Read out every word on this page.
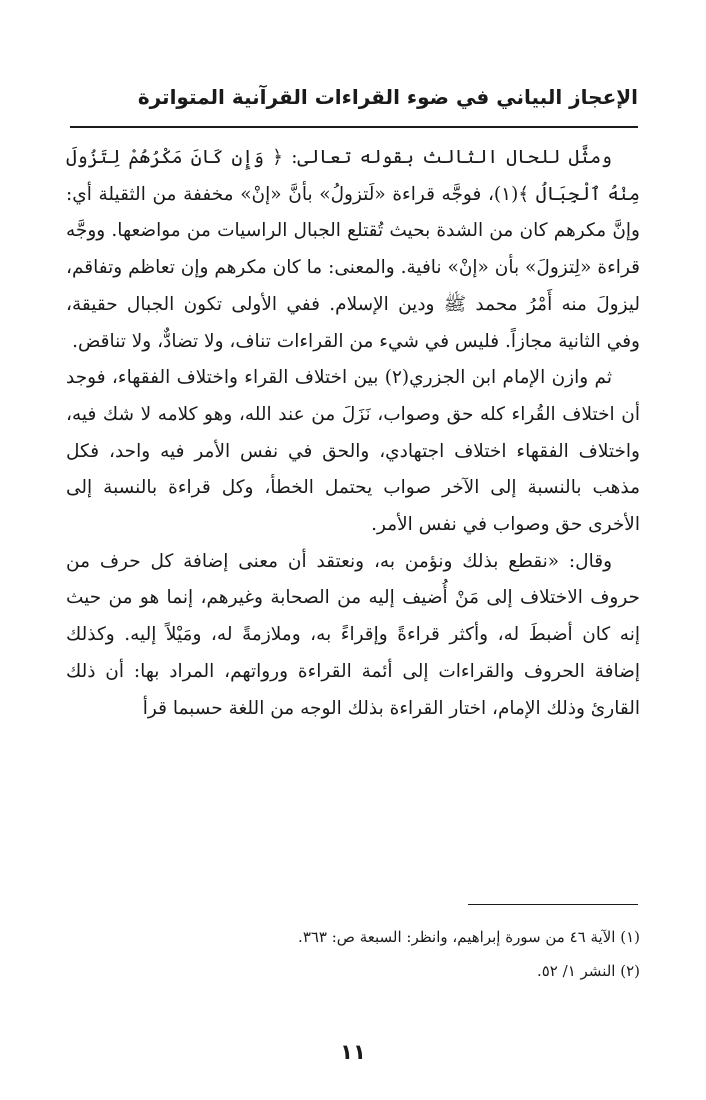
الإعجاز البياني في ضوء القراءات القرآنية المتواترة

ومثَّل للحال الثالث بقوله تعالى: ﴿ وَإِن كَانَ مَكْرُهُمْ لِتَزُولَ مِنْهُ ٱلْجِبَالُ ﴾(١)، فوجَّه قراءة «لَتزولُ» بأنَّ «إنْ» مخففة من الثقيلة أي: وإنَّ مكرهم كان من الشدة بحيث تُقتلع الجبال الراسيات من مواضعها. ووجَّه قراءة «لِتزولَ» بأن «إنْ» نافية. والمعنى: ما كان مكرهم وإن تعاظم وتفاقم، ليزولَ منه أَمْرُ محمد ﷺ ودين الإسلام. ففي الأولى تكون الجبال حقيقة، وفي الثانية مجازاً. فليس في شيء من القراءات تناف، ولا تضادٌّ، ولا تناقض.

ثم وازن الإمام ابن الجزري(٢) بين اختلاف القراء واختلاف الفقهاء، فوجد أن اختلاف القُراء كله حق وصواب، نَزَلَ من عند الله، وهو كلامه لا شك فيه، واختلاف الفقهاء اختلاف اجتهادي، والحق في نفس الأمر فيه واحد، فكل مذهب بالنسبة إلى الآخر صواب يحتمل الخطأ، وكل قراءة بالنسبة إلى الأخرى حق وصواب في نفس الأمر.

وقال: «نقطع بذلك ونؤمن به، ونعتقد أن معنى إضافة كل حرف من حروف الاختلاف إلى مَنْ أُضيف إليه من الصحابة وغيرهم، إنما هو من حيث إنه كان أضبطَ له، وأكثر قراءةً وإقراءً به، وملازمةً له، ومَيْلاً إليه. وكذلك إضافة الحروف والقراءات إلى أئمة القراءة ورواتهم، المراد بها: أن ذلك القارئ وذلك الإمام، اختار القراءة بذلك الوجه من اللغة حسبما قرأ

(١) الآية ٤٦ من سورة إبراهيم، وانظر: السبعة ص: ٣٦٣.

(٢) النشر ١/ ٥٢.

١١
